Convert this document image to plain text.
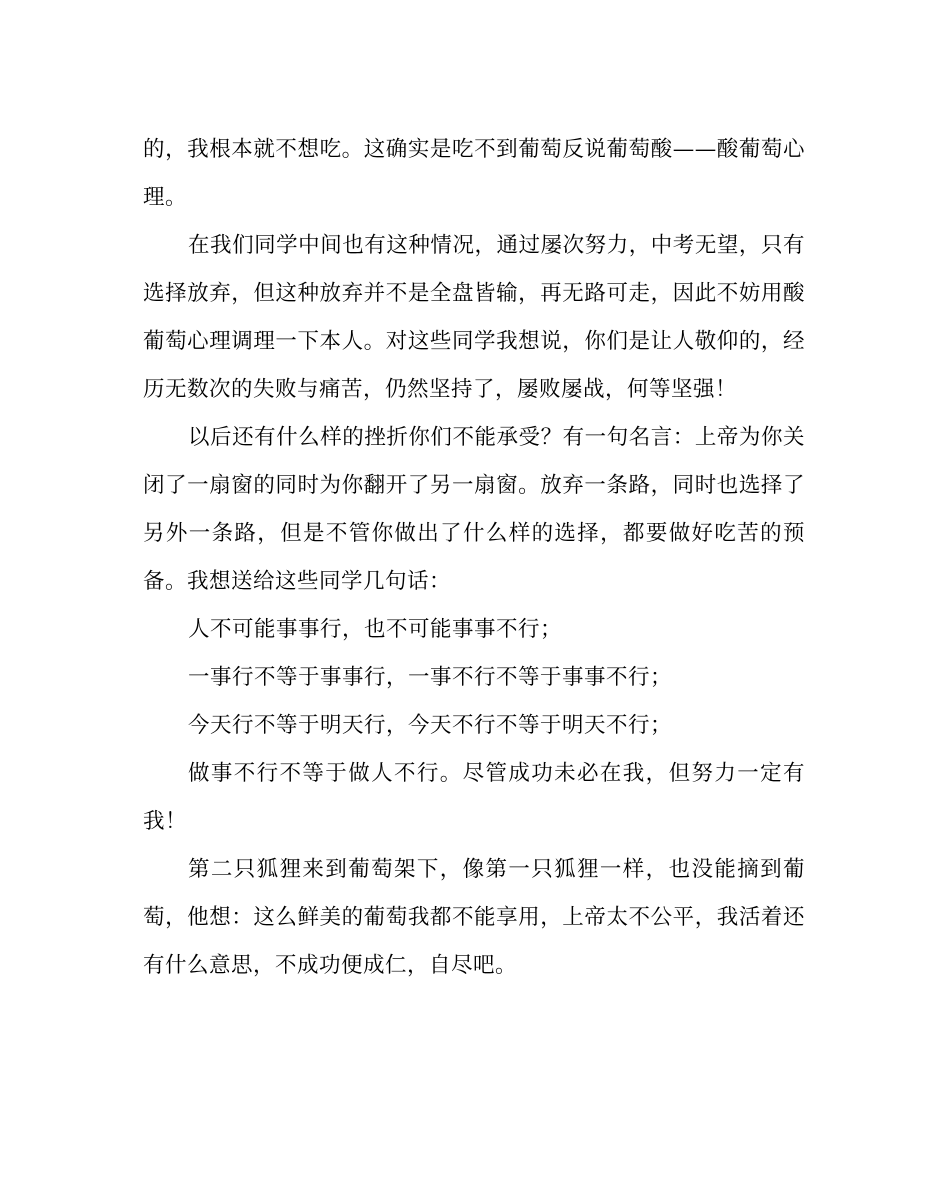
的，我根本就不想吃。这确实是吃不到葡萄反说葡萄酸——酸葡萄心理。

在我们同学中间也有这种情况，通过屡次努力，中考无望，只有选择放弃，但这种放弃并不是全盘皆输，再无路可走，因此不妨用酸葡萄心理调理一下本人。对这些同学我想说，你们是让人敬仰的，经历无数次的失败与痛苦，仍然坚持了，屡败屡战，何等坚强！

以后还有什么样的挫折你们不能承受？有一句名言：上帝为你关闭了一扇窗的同时为你翻开了另一扇窗。放弃一条路，同时也选择了另外一条路，但是不管你做出了什么样的选择，都要做好吃苦的预备。我想送给这些同学几句话：

人不可能事事行，也不可能事事不行；

一事行不等于事事行，一事不行不等于事事不行；

今天行不等于明天行，今天不行不等于明天不行；

做事不行不等于做人不行。尽管成功未必在我，但努力一定有我！

第二只狐狸来到葡萄架下，像第一只狐狸一样，也没能摘到葡萄，他想：这么鲜美的葡萄我都不能享用，上帝太不公平，我活着还有什么意思，不成功便成仁，自尽吧。
